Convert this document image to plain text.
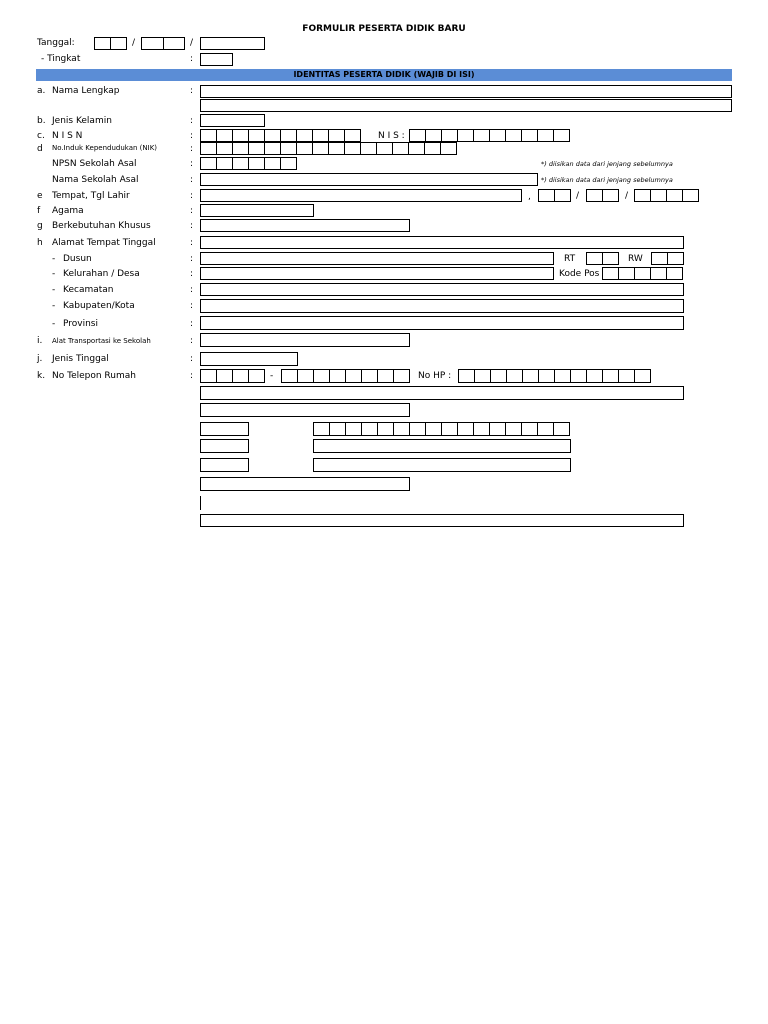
FORMULIR PESERTA DIDIK BARU
Tanggal:	/	/
- Tingkat	:
IDENTITAS PESERTA DIDIK (WAJIB DI ISI)
a. Nama Lengkap	:
b. Jenis Kelamin	:
c. N I S N	:	N I S :
d No.Induk Kependudukan (NIK)	:
NPSN Sekolah Asal	:	*) diisikan data dari jenjang sebelumnya
Nama Sekolah Asal	:	*) diisikan data dari jenjang sebelumnya
e Tempat, Tgl Lahir	:	,	/	/
f Agama	:
g Berkebutuhan Khusus	:
h Alamat Tempat Tinggal	:
- Dusun	:	RT	RW
- Kelurahan / Desa	:	Kode Pos
- Kecamatan	:
- Kabupaten/Kota	:
- Provinsi	:
i. Alat Transportasi ke Sekolah	:
j. Jenis Tinggal	:
k. No Telepon Rumah	:	-	No HP :
